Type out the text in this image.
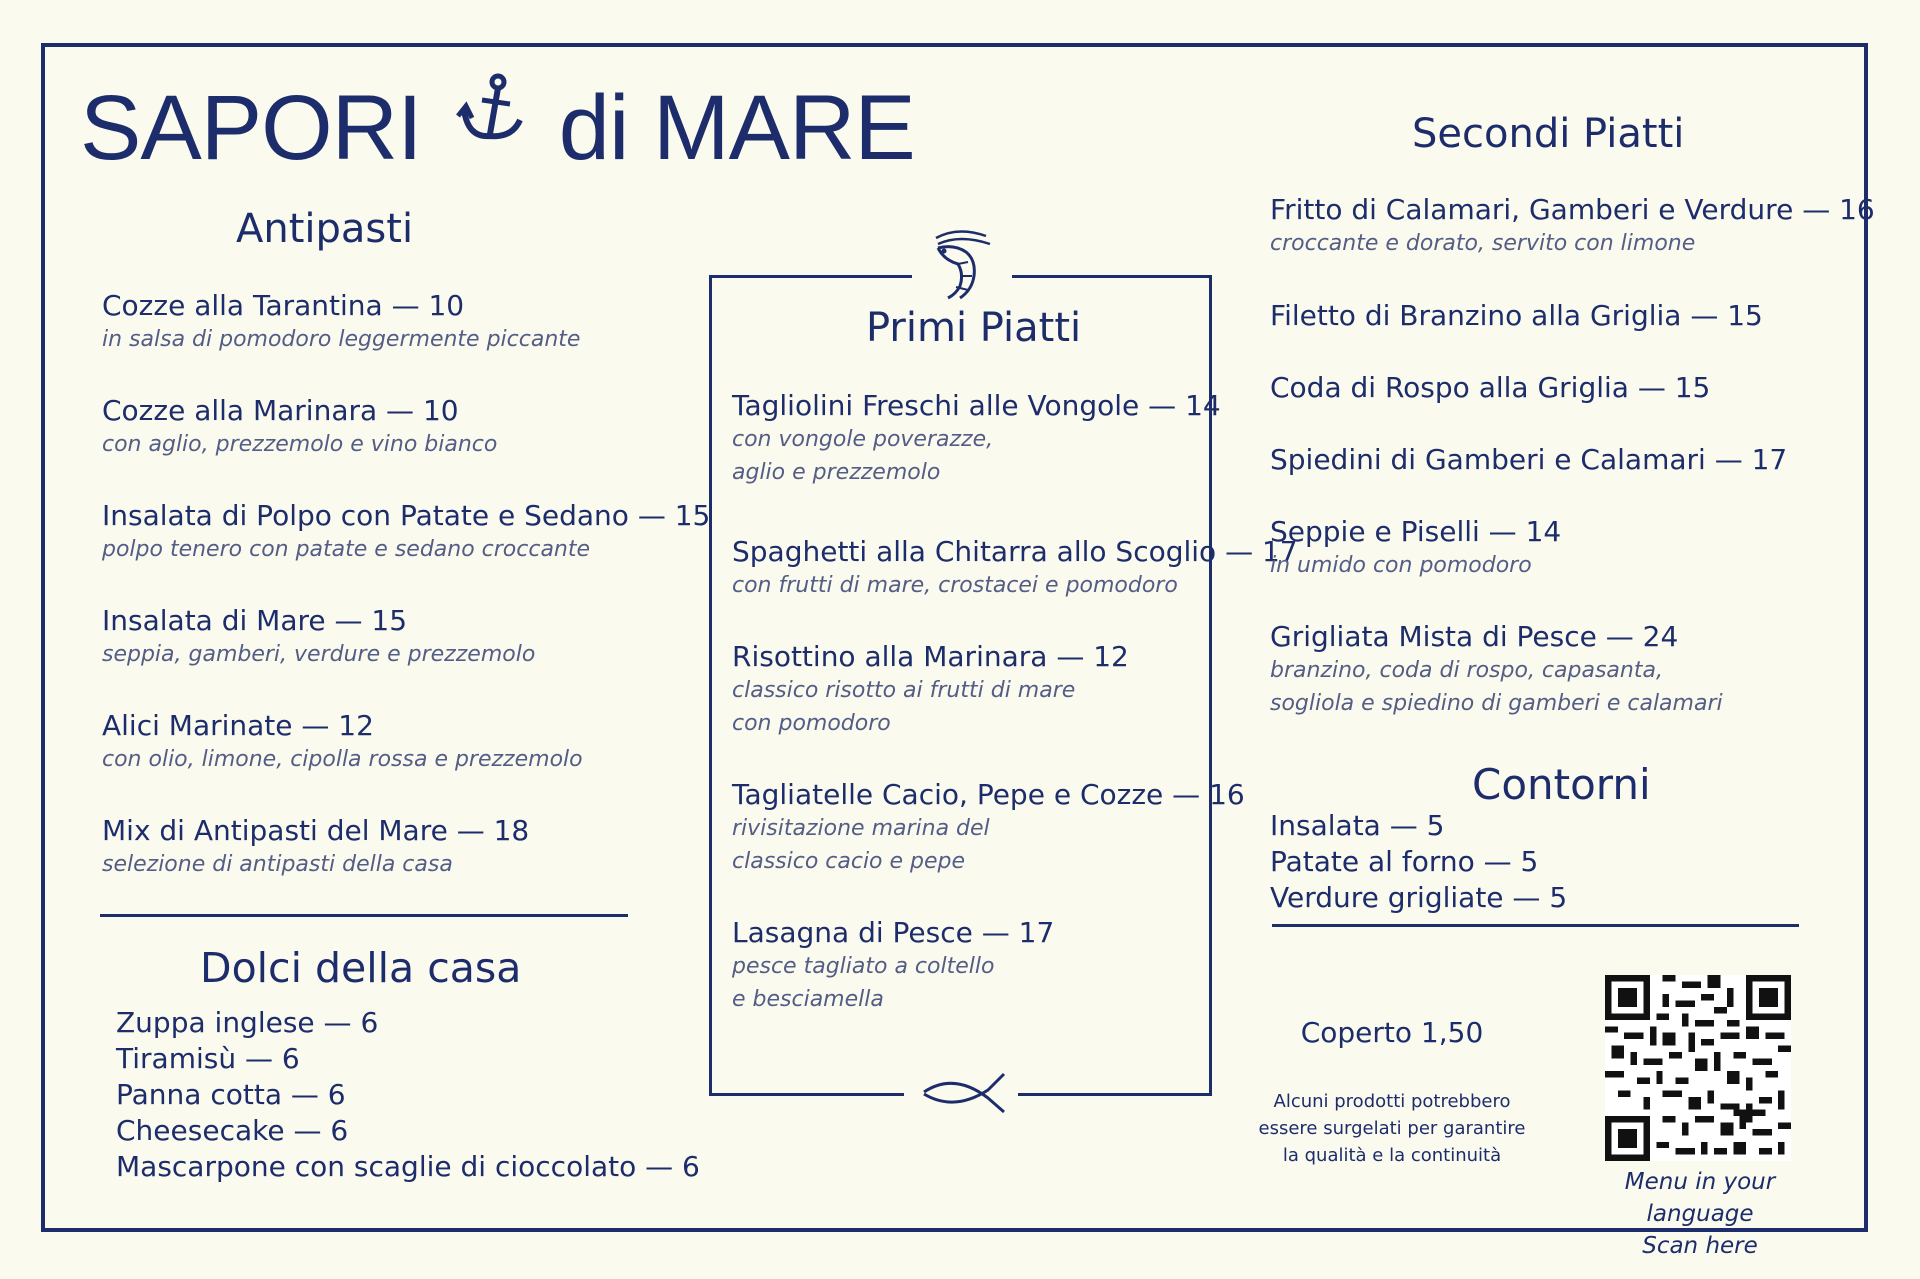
SAPORI di MARE
Antipasti
Cozze alla Tarantina — 10
in salsa di pomodoro leggermente piccante
Cozze alla Marinara — 10
con aglio, prezzemolo e vino bianco
Insalata di Polpo con Patate e Sedano — 15
polpo tenero con patate e sedano croccante
Insalata di Mare — 15
seppia, gamberi, verdure e prezzemolo
Alici Marinate — 12
con olio, limone, cipolla rossa e prezzemolo
Mix di Antipasti del Mare — 18
selezione di antipasti della casa
Dolci della casa
Zuppa inglese — 6
Tiramisù — 6
Panna cotta — 6
Cheesecake — 6
Mascarpone con scaglie di cioccolato — 6
Primi Piatti
Tagliolini Freschi alle Vongole — 14
con vongole poverazze,
aglio e prezzemolo
Spaghetti alla Chitarra allo Scoglio — 17
con frutti di mare, crostacei e pomodoro
Risottino alla Marinara — 12
classico risotto ai frutti di mare
con pomodoro
Tagliatelle Cacio, Pepe e Cozze — 16
rivisitazione marina del
classico cacio e pepe
Lasagna di Pesce — 17
pesce tagliato a coltello
e besciamella
Secondi Piatti
Fritto di Calamari, Gamberi e Verdure — 16
croccante e dorato, servito con limone
Filetto di Branzino alla Griglia — 15
Coda di Rospo alla Griglia — 15
Spiedini di Gamberi e Calamari — 17
Seppie e Piselli — 14
in umido con pomodoro
Grigliata Mista di Pesce — 24
branzino, coda di rospo, capasanta,
sogliola e spiedino di gamberi e calamari
Contorni
Insalata — 5
Patate al forno — 5
Verdure grigliate — 5
Coperto 1,50
Alcuni prodotti potrebbero essere surgelati per garantire la qualità e la continuità
Menu in your language
Scan here
